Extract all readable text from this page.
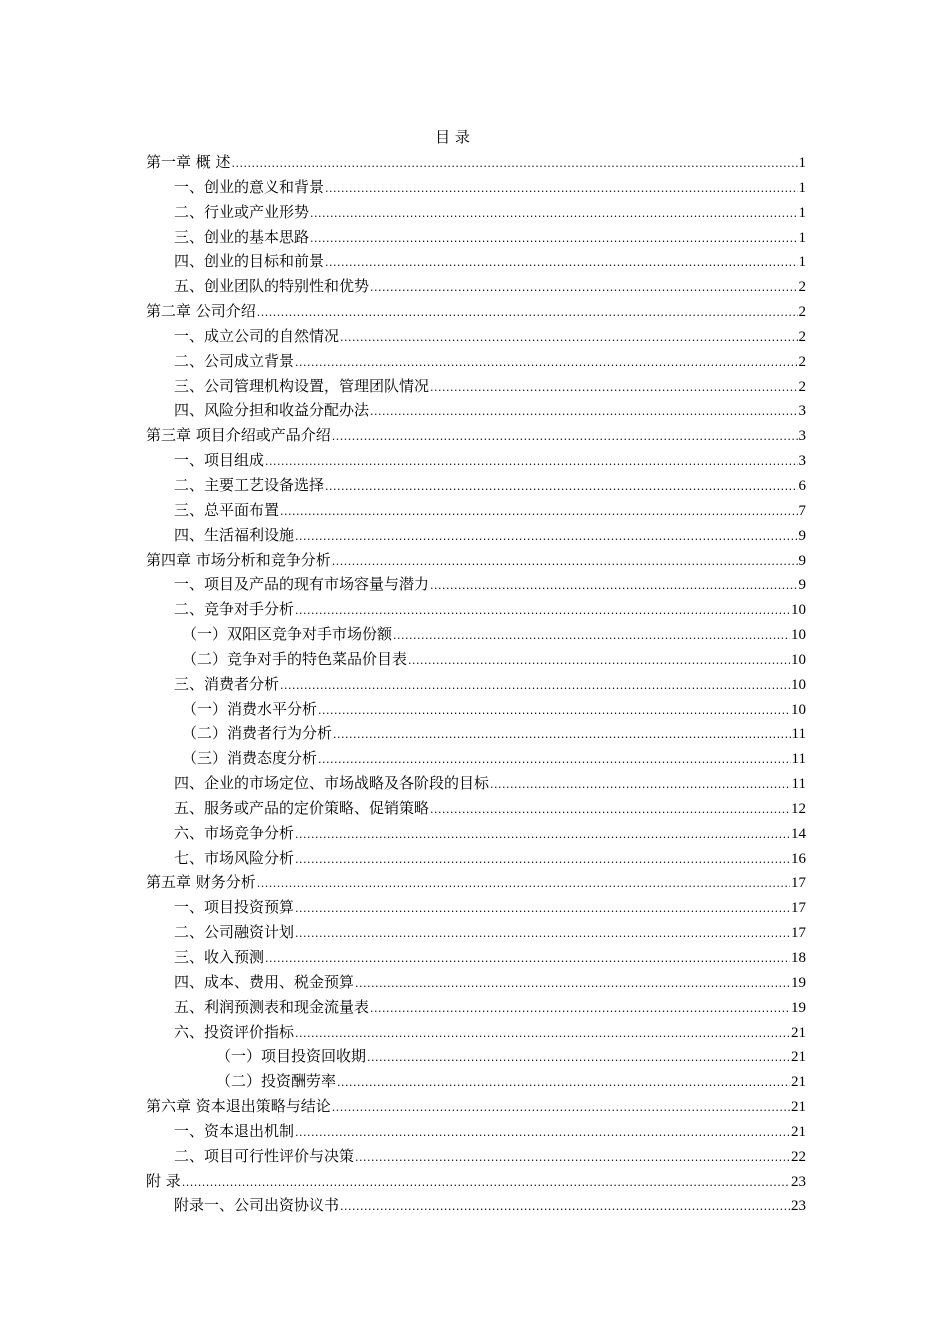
目 录
第一章 概 述 .....	1
一、创业的意义和背景 .....	1
二、行业或产业形势 .....	1
三、创业的基本思路 .....	1
四、创业的目标和前景 .....	1
五、创业团队的特别性和优势 .....	2
第二章 公司介绍 .....	2
一、成立公司的自然情况 .....	2
二、公司成立背景 .....	2
三、公司管理机构设置，管理团队情况 .....	2
四、风险分担和收益分配办法 .....	3
第三章 项目介绍或产品介绍 .....	3
一、项目组成 .....	3
二、主要工艺设备选择 .....	6
三、总平面布置 .....	7
四、生活福利设施 .....	9
第四章 市场分析和竞争分析 .....	9
一、项目及产品的现有市场容量与潜力 .....	9
二、竞争对手分析 .....	10
（一）双阳区竞争对手市场份额 .....	10
（二）竞争对手的特色菜品价目表 .....	10
三、消费者分析 .....	10
（一）消费水平分析 .....	10
（二）消费者行为分析 .....	11
（三）消费态度分析 .....	11
四、企业的市场定位、市场战略及各阶段的目标 .....	11
五、服务或产品的定价策略、促销策略 .....	12
六、市场竞争分析 .....	14
七、市场风险分析 .....	16
第五章 财务分析 .....	17
一、项目投资预算 .....	17
二、公司融资计划 .....	17
三、收入预测 .....	18
四、成本、费用、税金预算 .....	19
五、利润预测表和现金流量表 .....	19
六、投资评价指标 .....	21
（一）项目投资回收期 .....	21
（二）投资酬劳率 .....	21
第六章 资本退出策略与结论 .....	21
一、资本退出机制 .....	21
二、项目可行性评价与决策 .....	22
附 录 .....	23
附录一、公司出资协议书 .....	23
